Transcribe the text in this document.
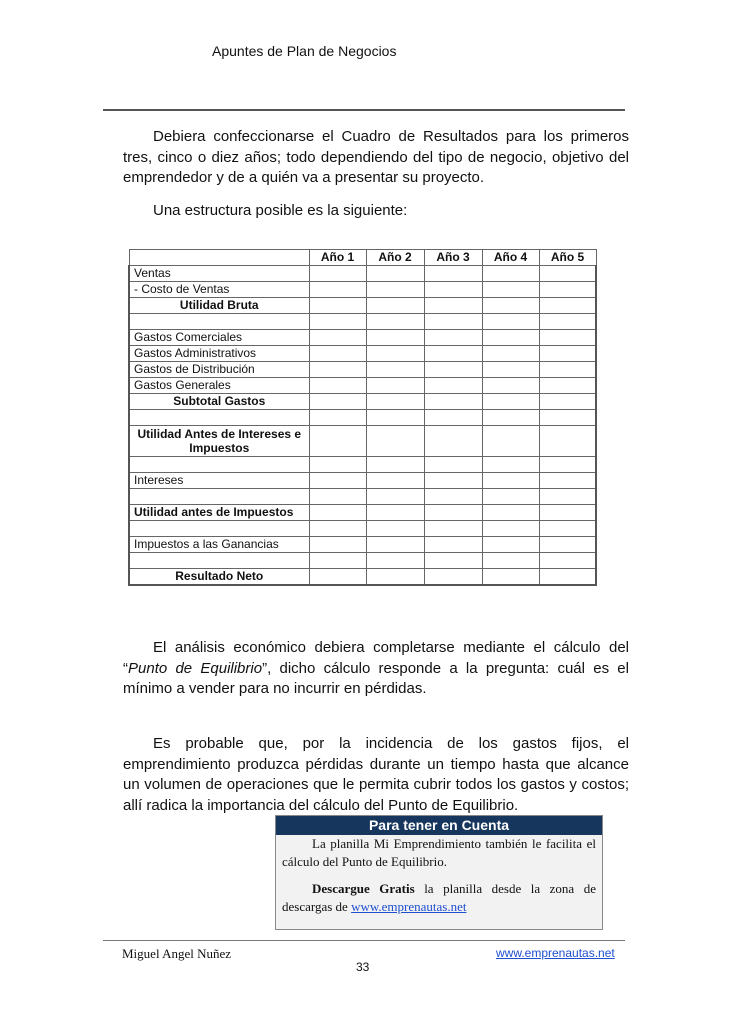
Apuntes de Plan de Negocios

Debiera confeccionarse el Cuadro de Resultados para los primeros tres, cinco o diez años; todo dependiendo del tipo de negocio, objetivo del emprendedor y de a quién va a presentar su proyecto.

Una estructura posible es la siguiente:

	Año 1	Año 2	Año 3	Año 4	Año 5
Ventas					
- Costo de Ventas					
Utilidad Bruta					

Gastos Comerciales					
Gastos Administrativos					
Gastos de Distribución					
Gastos Generales					
Subtotal Gastos					

Utilidad Antes de Intereses e Impuestos					

Intereses					

Utilidad antes de Impuestos					

Impuestos a las Ganancias					

Resultado Neto					

El análisis económico debiera completarse mediante el cálculo del “Punto de Equilibrio”, dicho cálculo responde a la pregunta: cuál es el mínimo a vender para no incurrir en pérdidas.

Es probable que, por la incidencia de los gastos fijos, el emprendimiento produzca pérdidas durante un tiempo hasta que alcance un volumen de operaciones que le permita cubrir todos los gastos y costos; allí radica la importancia del cálculo del Punto de Equilibrio.

Para tener en Cuenta

La planilla Mi Emprendimiento también le facilita el cálculo del Punto de Equilibrio.

Descargue Gratis la planilla desde la zona de descargas de www.emprenautas.net

Miguel Angel Nuñez	www.emprenautas.net
33
